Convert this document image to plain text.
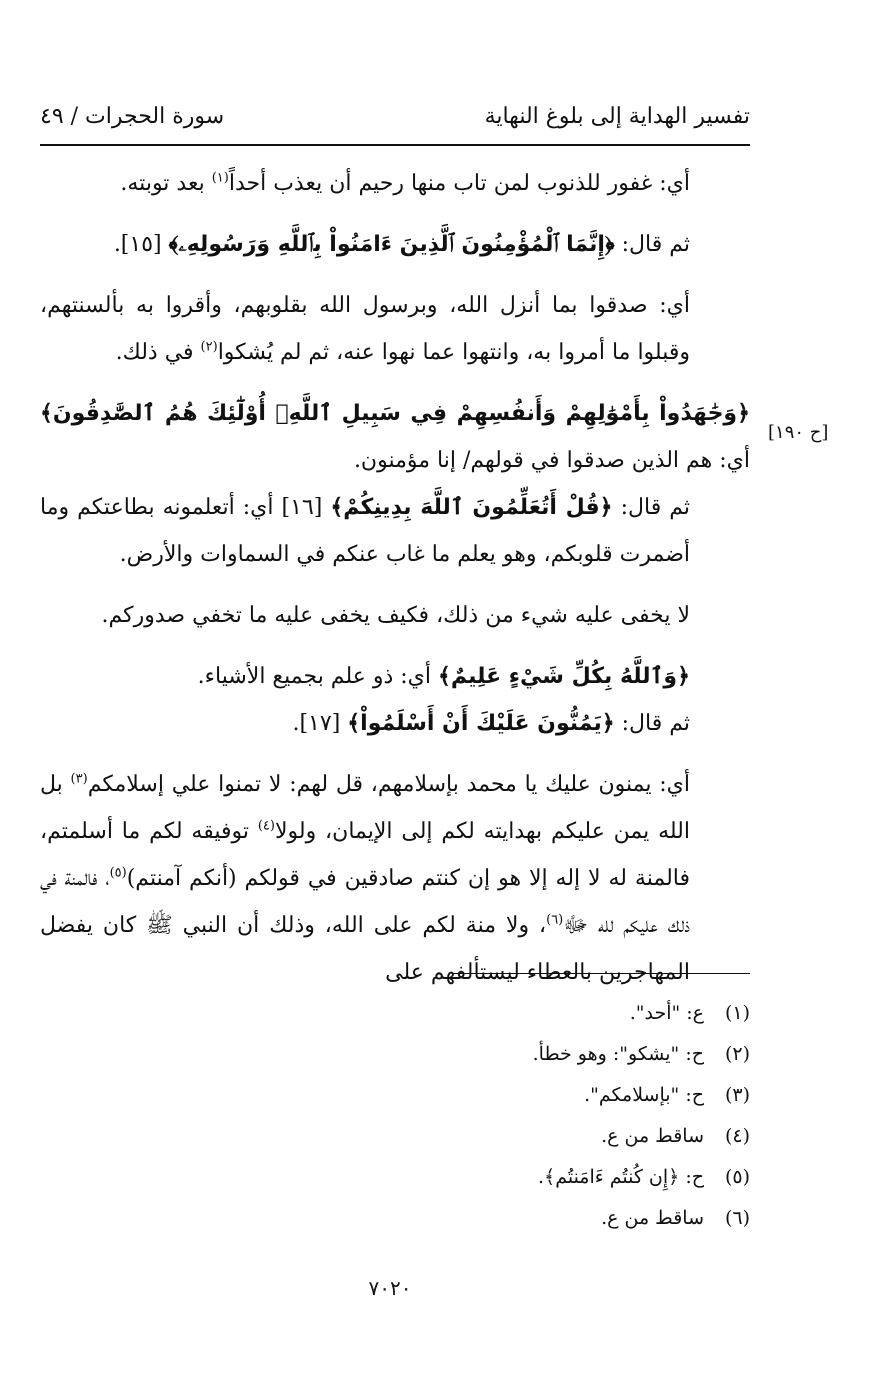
تفسير الهداية إلى بلوغ النهاية
سورة الحجرات / ٤٩
[ح ١٩٠]

أي: غفور للذنوب لمن تاب منها رحيم أن يعذب أحداً$^{(١)}$ بعد توبته.

ثم قال: ﴿إِنَّمَا ٱلْمُؤْمِنُونَ ٱلَّذِينَ ءَامَنُواْ بِٱللَّهِ وَرَسُولِهِۦ﴾ [١٥].

أي: صدقوا بما أنزل الله، وبرسول الله بقلوبهم، وأقروا به بألسنتهم، وقبلوا ما أمروا به، وانتهوا عما نهوا عنه، ثم لم يُشكوا$^{(٢)}$ في ذلك.

﴿وَجَٰهَدُواْ بِأَمْوَٰلِهِمْ وَأَنفُسِهِمْ فِي سَبِيلِ ٱللَّهِۚ أُوْلَٰٓئِكَ هُمُ ٱلصَّٰدِقُونَ﴾ أي: هم الذين صدقوا في قولهم/ إنا مؤمنون.

ثم قال: ﴿قُلْ أَتُعَلِّمُونَ ٱللَّهَ بِدِينِكُمْ﴾ [١٦] أي: أتعلمونه بطاعتكم وما أضمرت قلوبكم، وهو يعلم ما غاب عنكم في السماوات والأرض.

لا يخفى عليه شيء من ذلك، فكيف يخفى عليه ما تخفي صدوركم.

﴿وَٱللَّهُ بِكُلِّ شَيْءٍ عَلِيمٌ﴾ أي: ذو علم بجميع الأشياء.

ثم قال: ﴿يَمُنُّونَ عَلَيْكَ أَنْ أَسْلَمُواْ﴾ [١٧].

أي: يمنون عليك يا محمد بإسلامهم، قل لهم: لا تمنوا علي إسلامكم$^{(٣)}$ بل الله يمن عليكم بهدايته لكم إلى الإيمان، ولولا$^{(٤)}$ توفيقه لكم ما أسلمتم، فالمنة له لا إله إلا هو إن كنتم صادقين في قولكم (أنكم آمنتم)$^{(٥)}$، فالمنة في ذلك عليكم لله ﷻ$^{(٦)}$، ولا منة لكم على الله، وذلك أن النبي ﷺ كان يفضل المهاجرين بالعطاء ليستألفهم على

(١)
ع: "أحد".
(٢)
ح: "يشكو": وهو خطأ.
(٣)
ح: "بإسلامكم".
(٤)
ساقط من ع.
(٥)
ح: ﴿إِن كُنتُم ءَامَنتُم﴾.
(٦)
ساقط من ع.
٧٠٢٠
